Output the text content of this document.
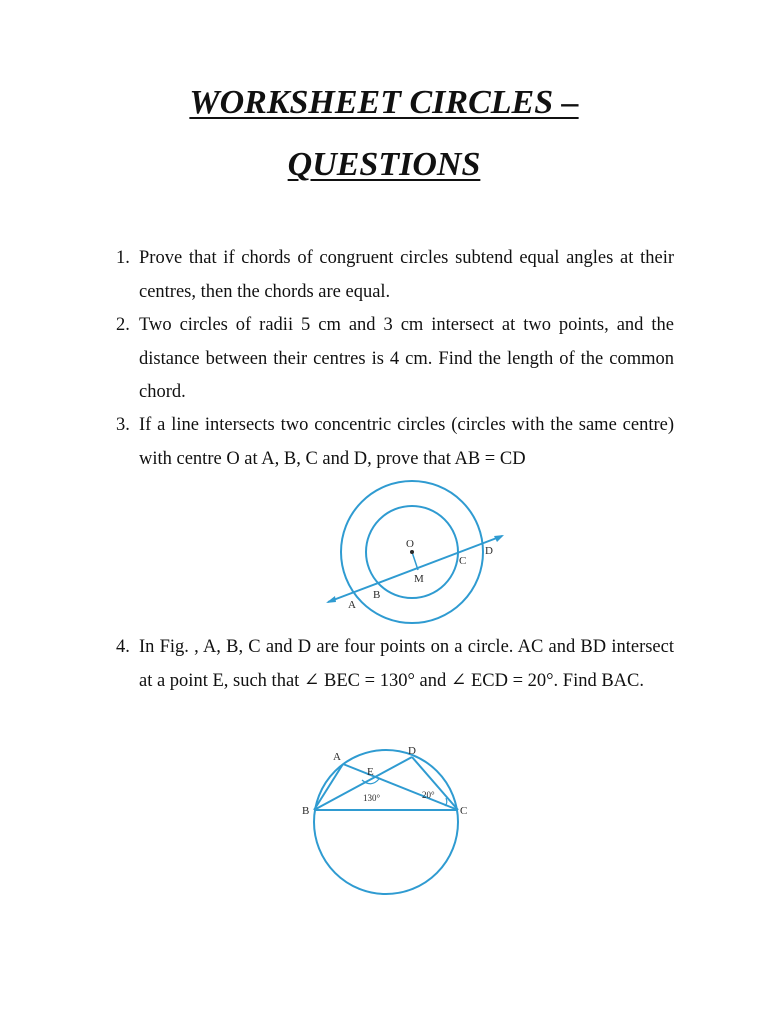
WORKSHEET CIRCLES –
QUESTIONS
1. Prove that if chords of congruent circles subtend equal angles at their centres, then the chords are equal.
2. Two circles of radii 5 cm and 3 cm intersect at two points, and the distance between their centres is 4 cm. Find the length of the common chord.
3. If a line intersects two concentric circles (circles with the same centre) with centre O at A, B, C and D, prove that AB = CD
O
M
A
B
C
D
4. In Fig. , A, B, C and D are four points on a circle. AC and BD intersect at a point E, such that ∠ BEC = 130° and ∠ ECD = 20°. Find BAC.
A	D
E
B	C
130°	20°
